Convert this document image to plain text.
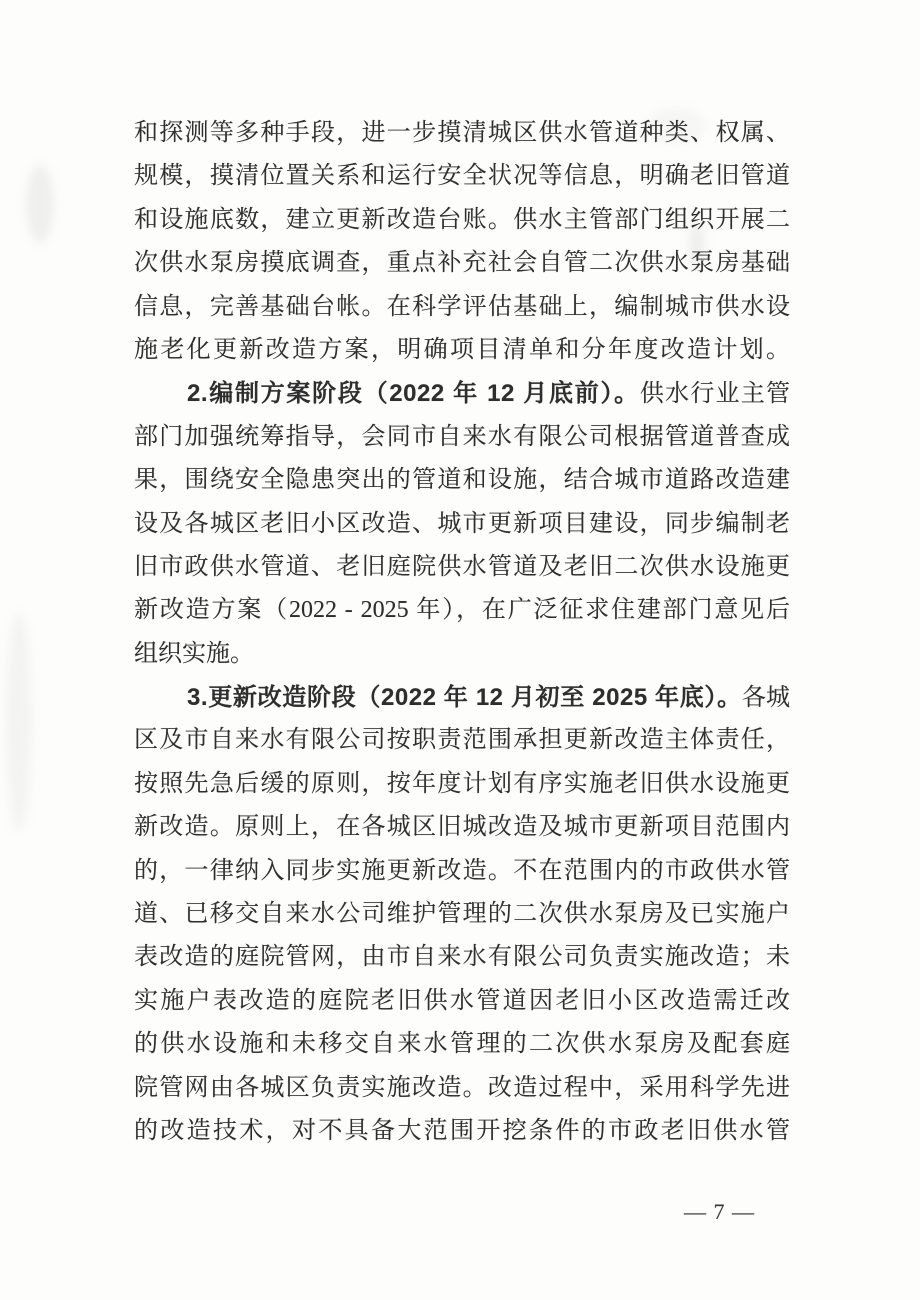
和探测等多种手段，进一步摸清城区供水管道种类、权属、
规模，摸清位置关系和运行安全状况等信息，明确老旧管道
和设施底数，建立更新改造台账。供水主管部门组织开展二
次供水泵房摸底调查，重点补充社会自管二次供水泵房基础
信息，完善基础台帐。在科学评估基础上，编制城市供水设
施老化更新改造方案，明确项目清单和分年度改造计划。
2.编制方案阶段（2022 年 12 月底前）。供水行业主管
部门加强统筹指导，会同市自来水有限公司根据管道普查成
果，围绕安全隐患突出的管道和设施，结合城市道路改造建
设及各城区老旧小区改造、城市更新项目建设，同步编制老
旧市政供水管道、老旧庭院供水管道及老旧二次供水设施更
新改造方案（2022 - 2025 年），在广泛征求住建部门意见后
组织实施。
3.更新改造阶段（2022 年 12 月初至 2025 年底）。各城
区及市自来水有限公司按职责范围承担更新改造主体责任，
按照先急后缓的原则，按年度计划有序实施老旧供水设施更
新改造。原则上，在各城区旧城改造及城市更新项目范围内
的，一律纳入同步实施更新改造。不在范围内的市政供水管
道、已移交自来水公司维护管理的二次供水泵房及已实施户
表改造的庭院管网，由市自来水有限公司负责实施改造；未
实施户表改造的庭院老旧供水管道因老旧小区改造需迁改
的供水设施和未移交自来水管理的二次供水泵房及配套庭
院管网由各城区负责实施改造。改造过程中，采用科学先进
的改造技术，对不具备大范围开挖条件的市政老旧供水管
— 7 —
